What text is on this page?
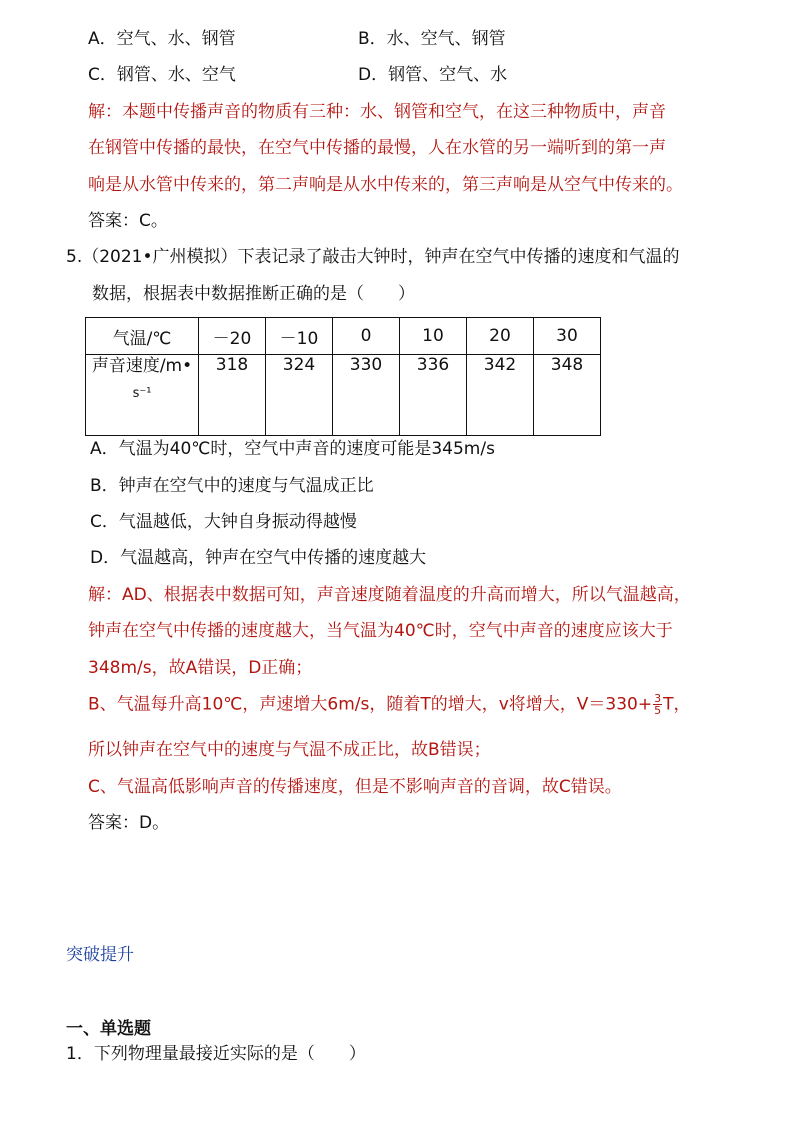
A．空气、水、钢管	B．水、空气、钢管
C．钢管、水、空气	D．钢管、空气、水
解：本题中传播声音的物质有三种：水、钢管和空气，在这三种物质中，声音
在钢管中传播的最快，在空气中传播的最慢，人在水管的另一端听到的第一声
响是从水管中传来的，第二声响是从水中传来的，第三声响是从空气中传来的。
答案：C。
5.（2021•广州模拟）下表记录了敲击大钟时，钟声在空气中传播的速度和气温的
数据，根据表中数据推断正确的是（　　）
气温/℃	－20	－10	0	10	20	30

声音速度/m•
s⁻¹	318	324	330	336	342	348
A．气温为40℃时，空气中声音的速度可能是345m/s
B．钟声在空气中的速度与气温成正比
C．气温越低，大钟自身振动得越慢
D．气温越高，钟声在空气中传播的速度越大
解：AD、根据表中数据可知，声音速度随着温度的升高而增大，所以气温越高，
钟声在空气中传播的速度越大，当气温为40℃时，空气中声音的速度应该大于
348m/s，故A错误，D正确；
B、气温每升高10℃，声速增大6m/s，随着T的增大，v将增大，$V=330+ \frac{3}{5}$ T，
所以钟声在空气中的速度与气温不成正比，故B错误；
C、气温高低影响声音的传播速度，但是不影响声音的音调，故C错误。
答案：D。
突破提升
一、单选题
1．下列物理量最接近实际的是（　　）
